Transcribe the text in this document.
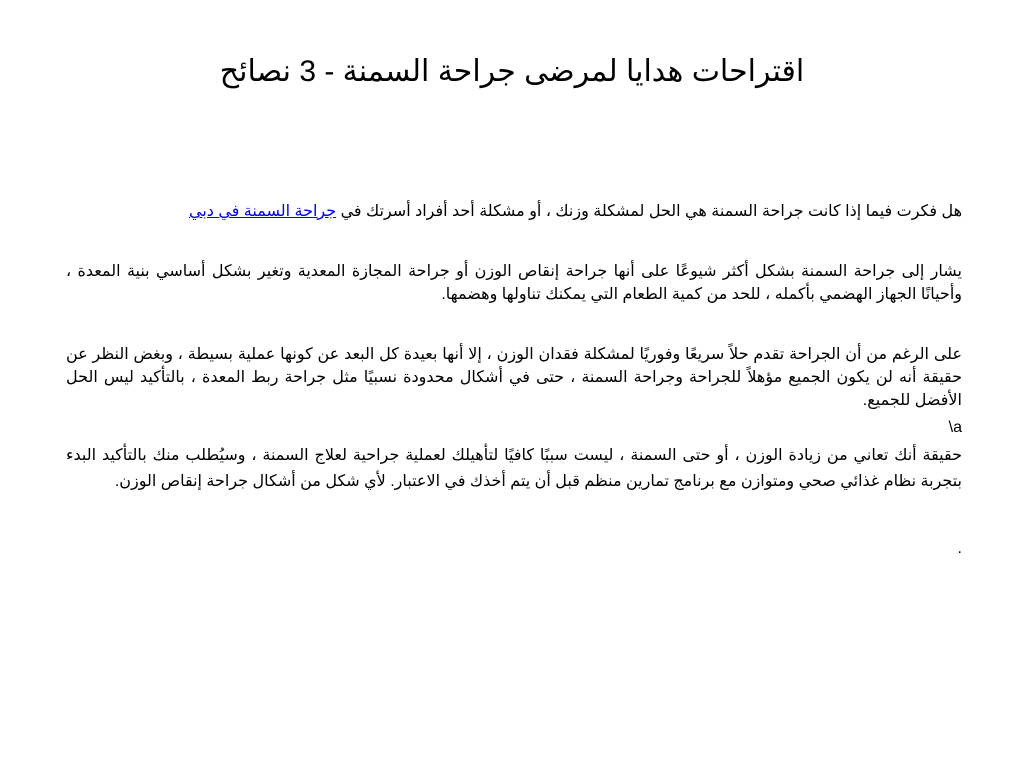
اقتراحات هدايا لمرضى جراحة السمنة - 3 نصائح

هل فكرت فيما إذا كانت جراحة السمنة هي الحل لمشكلة وزنك ، أو مشكلة أحد أفراد أسرتك في جراحة السمنة في دبي

يشار إلى جراحة السمنة بشكل أكثر شيوعًا على أنها جراحة إنقاص الوزن أو جراحة المجازة المعدية وتغير بشكل أساسي بنية المعدة ، وأحيانًا الجهاز الهضمي بأكمله ، للحد من كمية الطعام التي يمكنك تناولها وهضمها.

على الرغم من أن الجراحة تقدم حلاً سريعًا وفوريًا لمشكلة فقدان الوزن ، إلا أنها بعيدة كل البعد عن كونها عملية بسيطة ، وبغض النظر عن حقيقة أنه لن يكون الجميع مؤهلاً للجراحة وجراحة السمنة ، حتى في أشكال محدودة نسبيًا مثل جراحة ربط المعدة ، بالتأكيد ليس الحل الأفضل للجميع.

\a

حقيقة أنك تعاني من زيادة الوزن ، أو حتى السمنة ، ليست سببًا كافيًا لتأهيلك لعملية جراحية لعلاج السمنة ، وسيُطلب منك بالتأكيد البدء بتجربة نظام غذائي صحي ومتوازن مع برنامج تمارين منظم قبل أن يتم أخذك في الاعتبار. لأي شكل من أشكال جراحة إنقاص الوزن.

.
